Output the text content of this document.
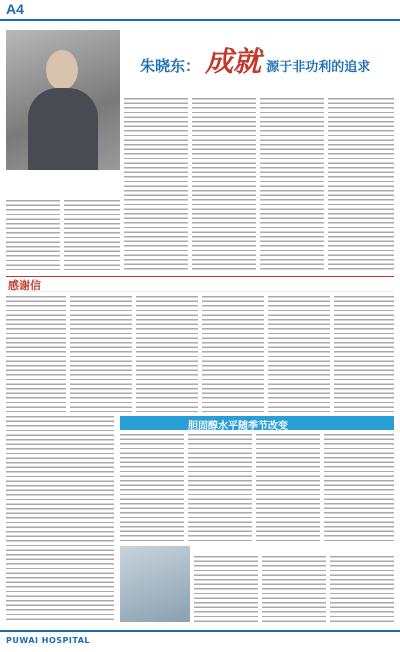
A4
朱晓东： 成就 源于非功利的追求
感谢信
胆固醇水平随季节改变
PUWAI HOSPITAL
